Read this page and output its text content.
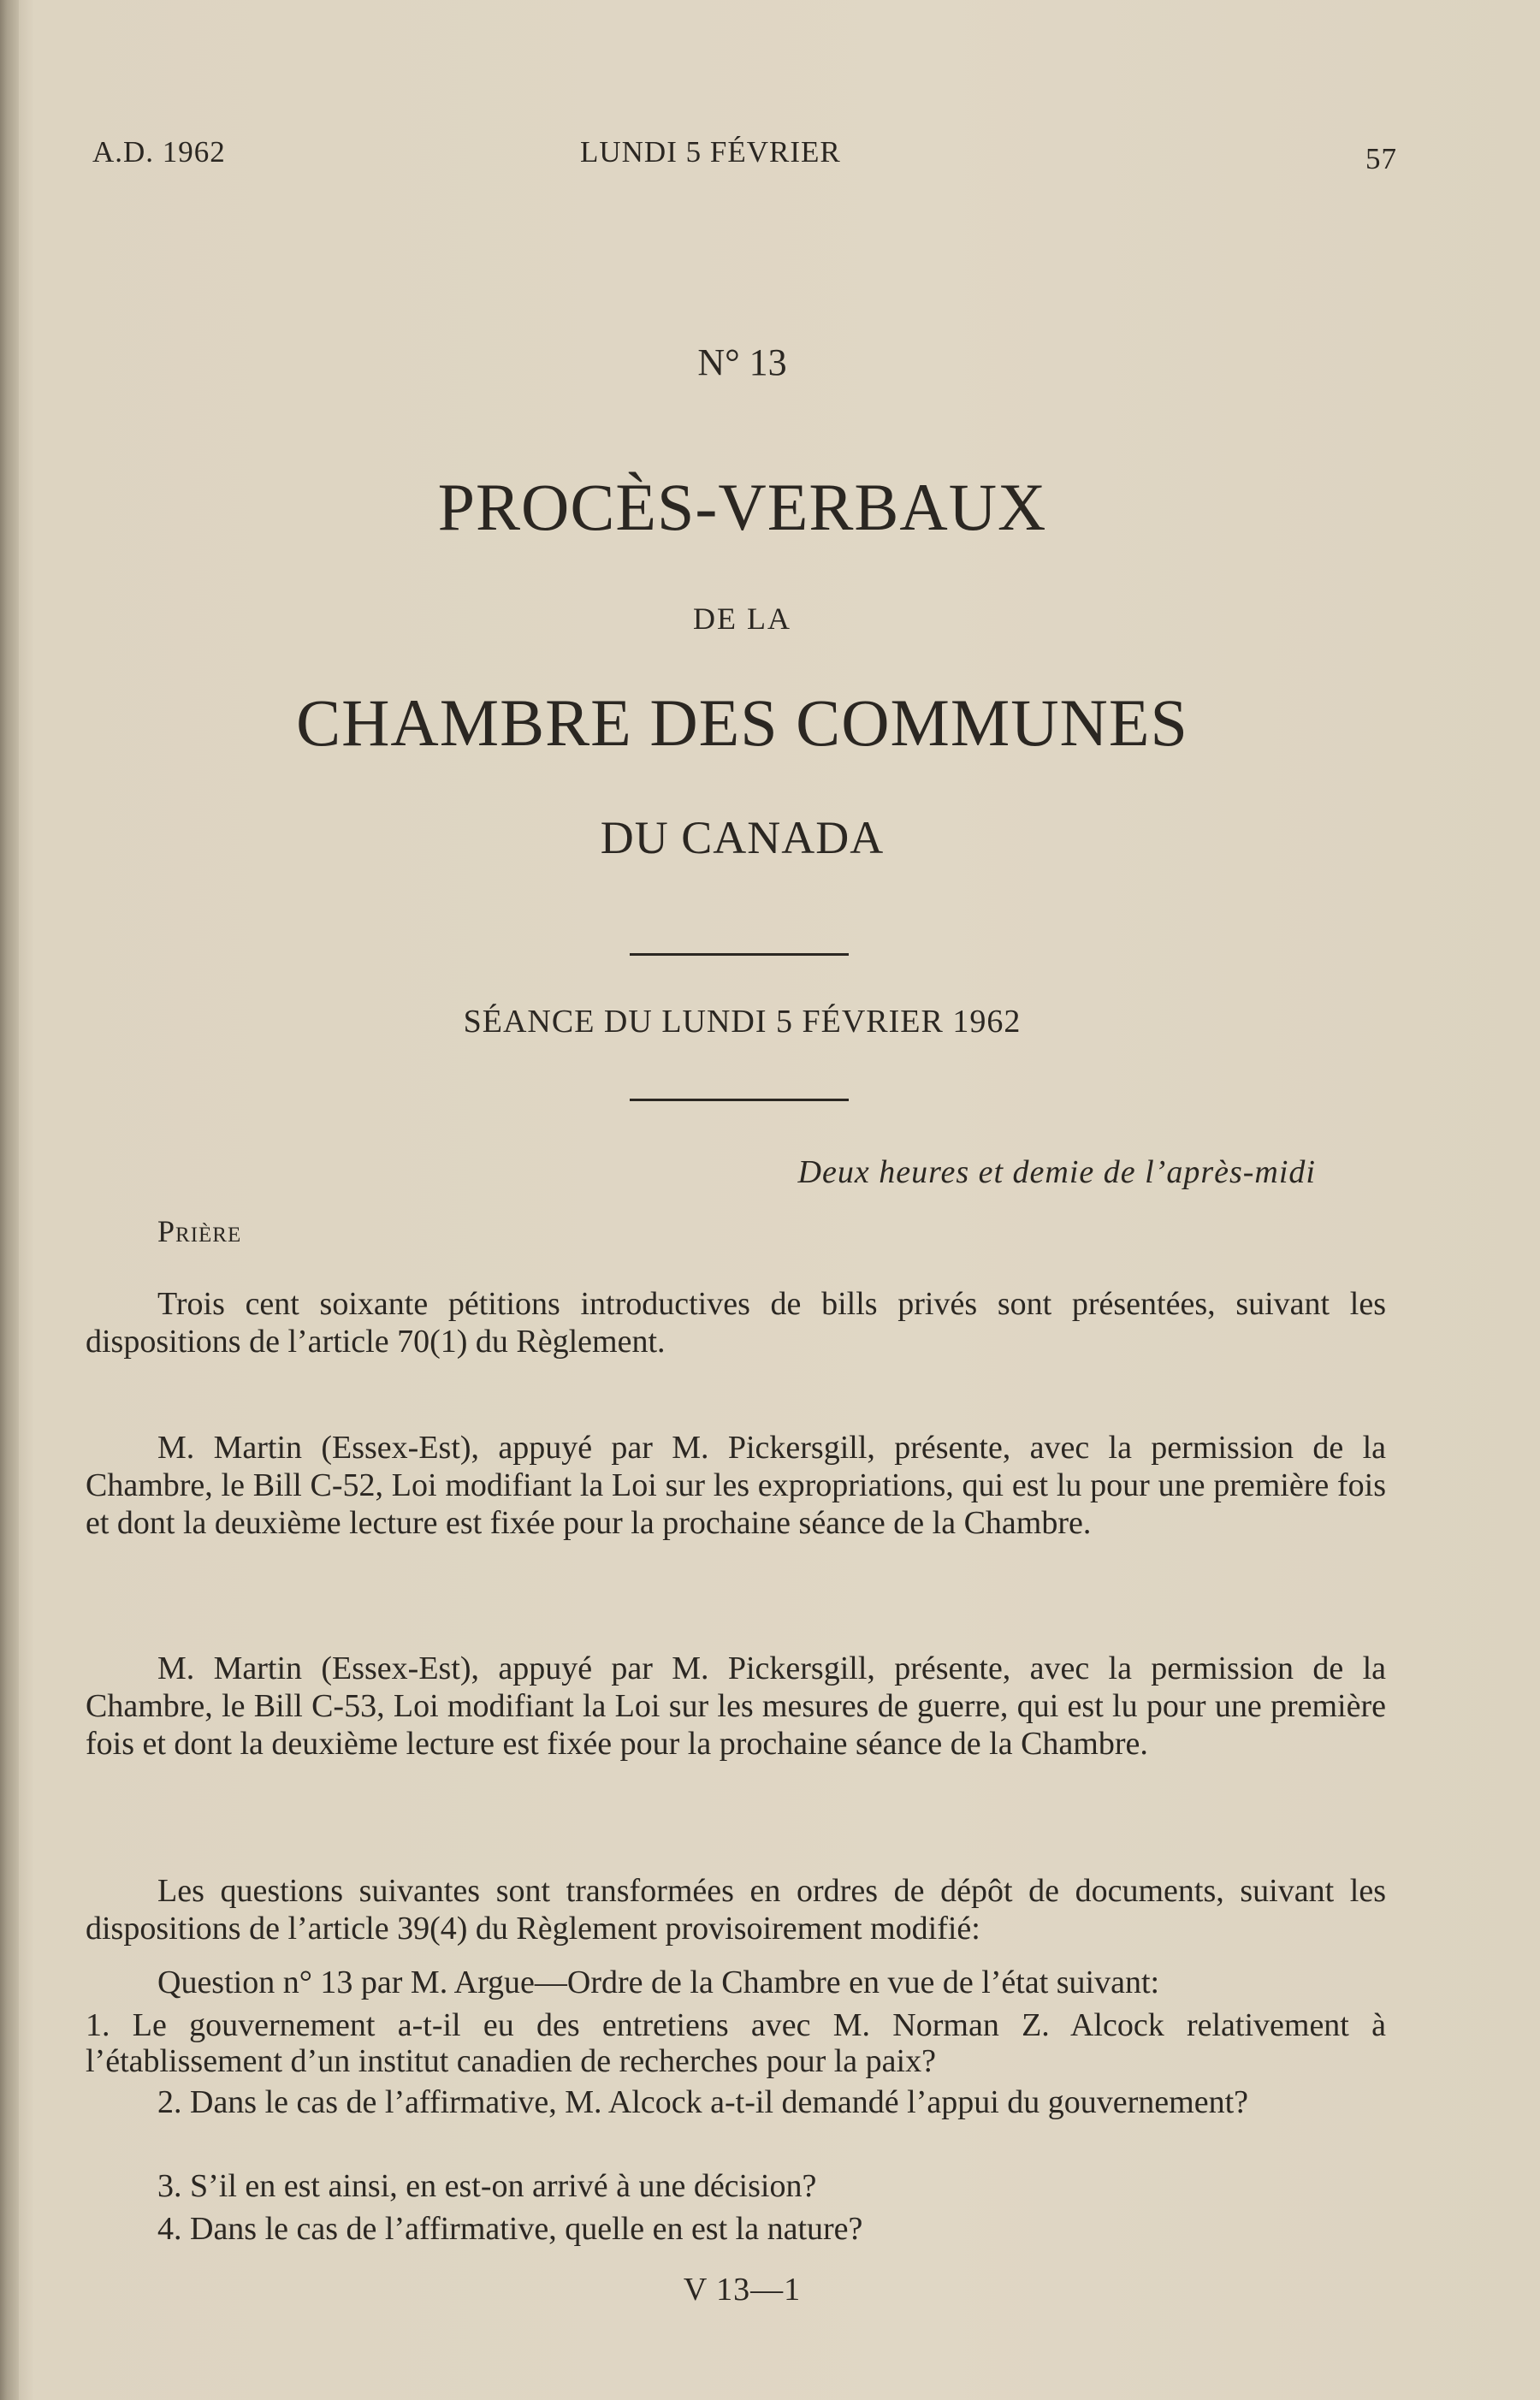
A.D. 1962	LUNDI 5 FÉVRIER	57
N° 13
PROCÈS-VERBAUX
DE LA
CHAMBRE DES COMMUNES
DU CANADA
SÉANCE DU LUNDI 5 FÉVRIER 1962
Deux heures et demie de l’après-midi
Prière

Trois cent soixante pétitions introductives de bills privés sont présentées, suivant les dispositions de l’article 70(1) du Règlement.

M. Martin (Essex-Est), appuyé par M. Pickersgill, présente, avec la permission de la Chambre, le Bill C-52, Loi modifiant la Loi sur les expropriations, qui est lu pour une première fois et dont la deuxième lecture est fixée pour la prochaine séance de la Chambre.

M. Martin (Essex-Est), appuyé par M. Pickersgill, présente, avec la permission de la Chambre, le Bill C-53, Loi modifiant la Loi sur les mesures de guerre, qui est lu pour une première fois et dont la deuxième lecture est fixée pour la prochaine séance de la Chambre.

Les questions suivantes sont transformées en ordres de dépôt de documents, suivant les dispositions de l’article 39(4) du Règlement provisoirement modifié:

Question n° 13 par M. Argue—Ordre de la Chambre en vue de l’état suivant:

1. Le gouvernement a-t-il eu des entretiens avec M. Norman Z. Alcock relativement à l’établissement d’un institut canadien de recherches pour la paix?

2. Dans le cas de l’affirmative, M. Alcock a-t-il demandé l’appui du gouvernement?

3. S’il en est ainsi, en est-on arrivé à une décision?

4. Dans le cas de l’affirmative, quelle en est la nature?

V 13—1
